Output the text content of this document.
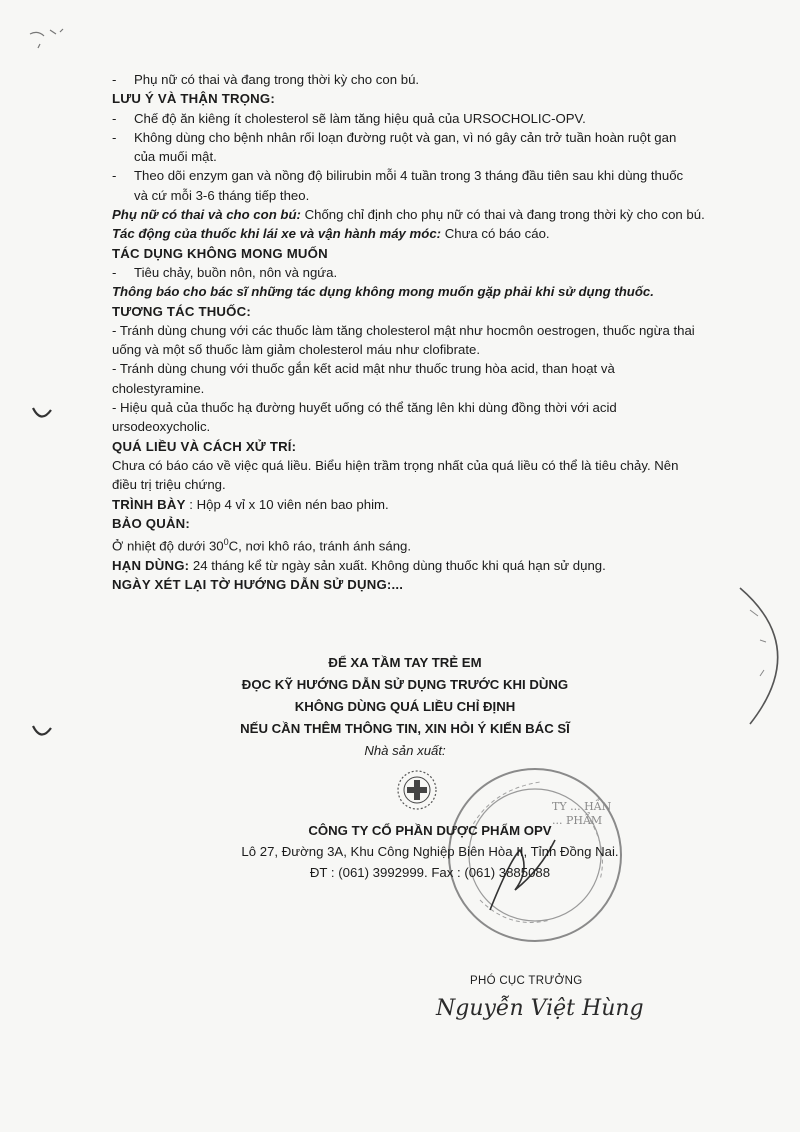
-	Phụ nữ có thai và đang trong thời kỳ cho con bú.
LƯU Ý VÀ THẬN TRỌNG:
-	Chế độ ăn kiêng ít cholesterol sẽ làm tăng hiệu quả của URSOCHOLIC-OPV.
-	Không dùng cho bệnh nhân rối loạn đường ruột và gan, vì nó gây cản trở tuần hoàn ruột gan
của muối mật.
-	Theo dõi enzym gan và nồng độ bilirubin mỗi 4 tuần trong 3 tháng đầu tiên sau khi dùng thuốc
và cứ mỗi 3-6 tháng tiếp theo.
Phụ nữ có thai và cho con bú: Chống chỉ định cho phụ nữ có thai và đang trong thời kỳ cho con bú.
Tác động của thuốc khi lái xe và vận hành máy móc: Chưa có báo cáo.
TÁC DỤNG KHÔNG MONG MUỐN
-	Tiêu chảy, buồn nôn, nôn và ngứa.
Thông báo cho bác sĩ những tác dụng không mong muốn gặp phải khi sử dụng thuốc.
TƯƠNG TÁC THUỐC:
- Tránh dùng chung với các thuốc làm tăng cholesterol mật như hocmôn oestrogen, thuốc ngừa thai
uống và một số thuốc làm giảm cholesterol máu như clofibrate.
- Tránh dùng chung với thuốc gắn kết acid mật như thuốc trung hòa acid, than hoạt và
cholestyramine.
- Hiệu quả của thuốc hạ đường huyết uống có thể tăng lên khi dùng đồng thời với acid
ursodeoxycholic.
QUÁ LIỀU VÀ CÁCH XỬ TRÍ:
Chưa có báo cáo về việc quá liều. Biểu hiện trầm trọng nhất của quá liều có thể là tiêu chảy. Nên
điều trị triệu chứng.
TRÌNH BÀY : Hộp 4 vỉ x 10 viên nén bao phim.
BẢO QUẢN:
Ở nhiệt độ dưới $30^0C$, nơi khô ráo, tránh ánh sáng.
HẠN DÙNG: 24 tháng kể từ ngày sản xuất. Không dùng thuốc khi quá hạn sử dụng.
NGÀY XÉT LẠI TỜ HƯỚNG DẪN SỬ DỤNG:...
ĐỂ XA TẦM TAY TRẺ EM
ĐỌC KỸ HƯỚNG DẪN SỬ DỤNG TRƯỚC KHI DÙNG
KHÔNG DÙNG QUÁ LIỀU CHỈ ĐỊNH
NẾU CẦN THÊM THÔNG TIN, XIN HỎI Ý KIẾN BÁC SĨ
Nhà sản xuất:
TY ... HẦN ... PHẨM
CÔNG TY CỔ PHẦN DƯỢC PHẨM OPV
Lô 27, Đường 3A, Khu Công Nghiệp Biên Hòa II, Tỉnh Đồng Nai.
ĐT : (061) 3992999. Fax : (061) 3885088
PHÓ CỤC TRƯỞNG
Nguyễn Việt Hùng
